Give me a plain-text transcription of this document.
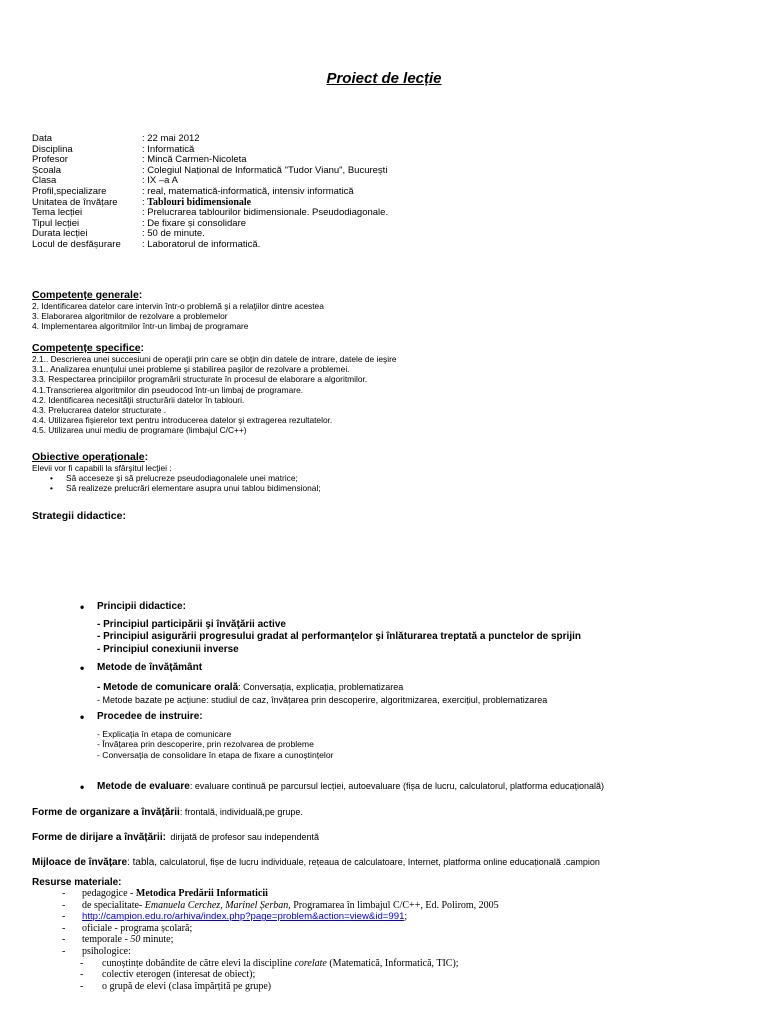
Proiect de lecție
Data	: 22 mai 2012
Disciplina	: Informatică
Profesor	: Mincă Carmen-Nicoleta
Școala	: Colegiul Național de Informatică "Tudor Vianu", București
Clasa	: IX –a A
Profil,specializare	: real, matematică-informatică, intensiv informatică
Unitatea de învățare	: Tablouri bidimensionale
Tema lecției	: Prelucrarea tablourilor bidimensionale. Pseudodiagonale.
Tipul lecției	: De fixare și consolidare
Durata lecției	: 50 de minute.
Locul de desfășurare	: Laboratorul de informatică.
Competențe generale:
2. Identificarea datelor care intervin într-o problemă şi a relaţiilor dintre acestea
3. Elaborarea algoritmilor de rezolvare a problemelor
4. Implementarea algoritmilor într-un limbaj de programare
Competențe specifice:
2.1.. Descrierea unei succesiuni de operaţii prin care se obţin din datele de intrare, datele de ieşire
3.1.. Analizarea enunţului unei probleme şi stabilirea paşilor de rezolvare a problemei.
3.3. Respectarea principiilor programării structurate în procesul de elaborare a algoritmilor.
4.1.Transcrierea algoritmilor din pseudocod într-un limbaj de programare.
4.2. Identificarea necesităţii structurării datelor în tablouri.
4.3. Prelucrarea datelor structurate .
4.4. Utilizarea fişierelor text pentru introducerea datelor şi extragerea rezultatelor.
4.5. Utilizarea unui mediu de programare (limbajul C/C++)
Obiective operaționale:
Elevii vor fi capabili la sfârşitul lecţiei :
• Să acceseze şi să prelucreze pseudodiagonalele unei matrice;
• Să realizeze prelucrări elementare asupra unui tablou bidimensional;
Strategii didactice:
• Principii didactice:
- Principiul participării şi învăţării active
- Principiul asigurării progresului gradat al performanţelor şi înlăturarea treptată a punctelor de sprijin
- Principiul conexiunii inverse
• Metode de învățământ
- Metode de comunicare orală: Conversația, explicația, problematizarea
- Metode bazate pe acțiune: studiul de caz, învățarea prin descoperire, algoritmizarea, exercițiul, problematizarea
• Procedee de instruire:
- Explicația în etapa de comunicare
- Învățarea prin descoperire, prin rezolvarea de probleme
- Conversația de consolidare în etapa de fixare a cunoștințelor
• Metode de evaluare: evaluare continuă pe parcursul lecției, autoevaluare (fișa de lucru, calculatorul, platforma educațională)
Forme de organizare a învățării: frontală, individuală,pe grupe.
Forme de dirijare a învățării: dirijată de profesor sau independentă
Mijloace de învățare: tabla, calculatorul, fișe de lucru individuale, rețeaua de calculatoare, Internet, platforma online educațională .campion
Resurse materiale:
- pedagogice - Metodica Predării Informaticii
- de specialitate- Emanuela Cerchez, Marinel Șerban, Programarea în limbajul C/C++, Ed. Polirom, 2005
- http://campion.edu.ro/arhiva/index.php?page=problem&action=view&id=991;
- oficiale - programa școlară;
- temporale - 50 minute;
- psihologice:
- cunoștințe dobândite de către elevi la discipline corelate (Matematică, Informatică, TIC);
- colectiv eterogen (interesat de obiect);
- o grupă de elevi (clasa împărțită pe grupe)
